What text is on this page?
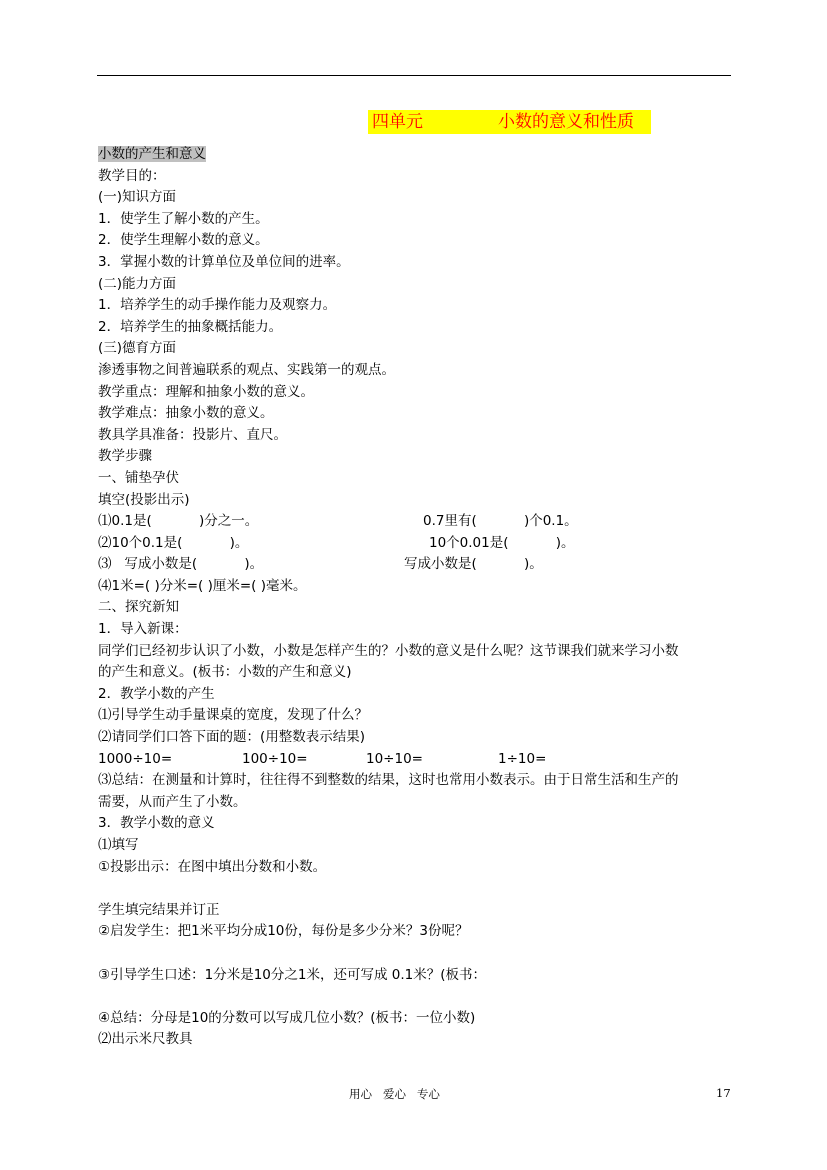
四单元

	小数的意义和性质

小数的产生和意义
教学目的：
(一)知识方面
1．使学生了解小数的产生。
2．使学生理解小数的意义。
3．掌握小数的计算单位及单位间的进率。
(二)能力方面
1．培养学生的动手操作能力及观察力。
2．培养学生的抽象概括能力。
(三)德育方面
渗透事物之间普遍联系的观点、实践第一的观点。
教学重点：理解和抽象小数的意义。
教学难点：抽象小数的意义。
教具学具准备：投影片、直尺。
教学步骤
一、铺垫孕伏
填空(投影出示)
⑴0.1是(           )分之一。	0.7里有(           )个0.1。
⑵10个0.1是(           )。	10个0.01是(           )。
⑶   写成小数是(           )。	写成小数是(           )。
⑷1米=( )分米=( )厘米=( )毫米。
二、探究新知
1．导入新课：
同学们已经初步认识了小数，小数是怎样产生的？小数的意义是什么呢？这节课我们就来学习小数
的产生和意义。(板书：小数的产生和意义)
2．教学小数的产生
⑴引导学生动手量课桌的宽度，发现了什么？
⑵请同学们口答下面的题：(用整数表示结果)
1000÷10=	100÷10=	10÷10=	1÷10=
⑶总结：在测量和计算时，往往得不到整数的结果，这时也常用小数表示。由于日常生活和生产的
需要，从而产生了小数。
3．教学小数的意义
⑴填写
①投影出示：在图中填出分数和小数。
学生填完结果并订正
②启发学生：把1米平均分成10份，每份是多少分米？3份呢？
③引导学生口述：1分米是10分之1米，还可写成 0.1米？(板书：
④总结：分母是10的分数可以写成几位小数？(板书：一位小数)
⑵出示米尺教具
用心   爱心   专心	17
